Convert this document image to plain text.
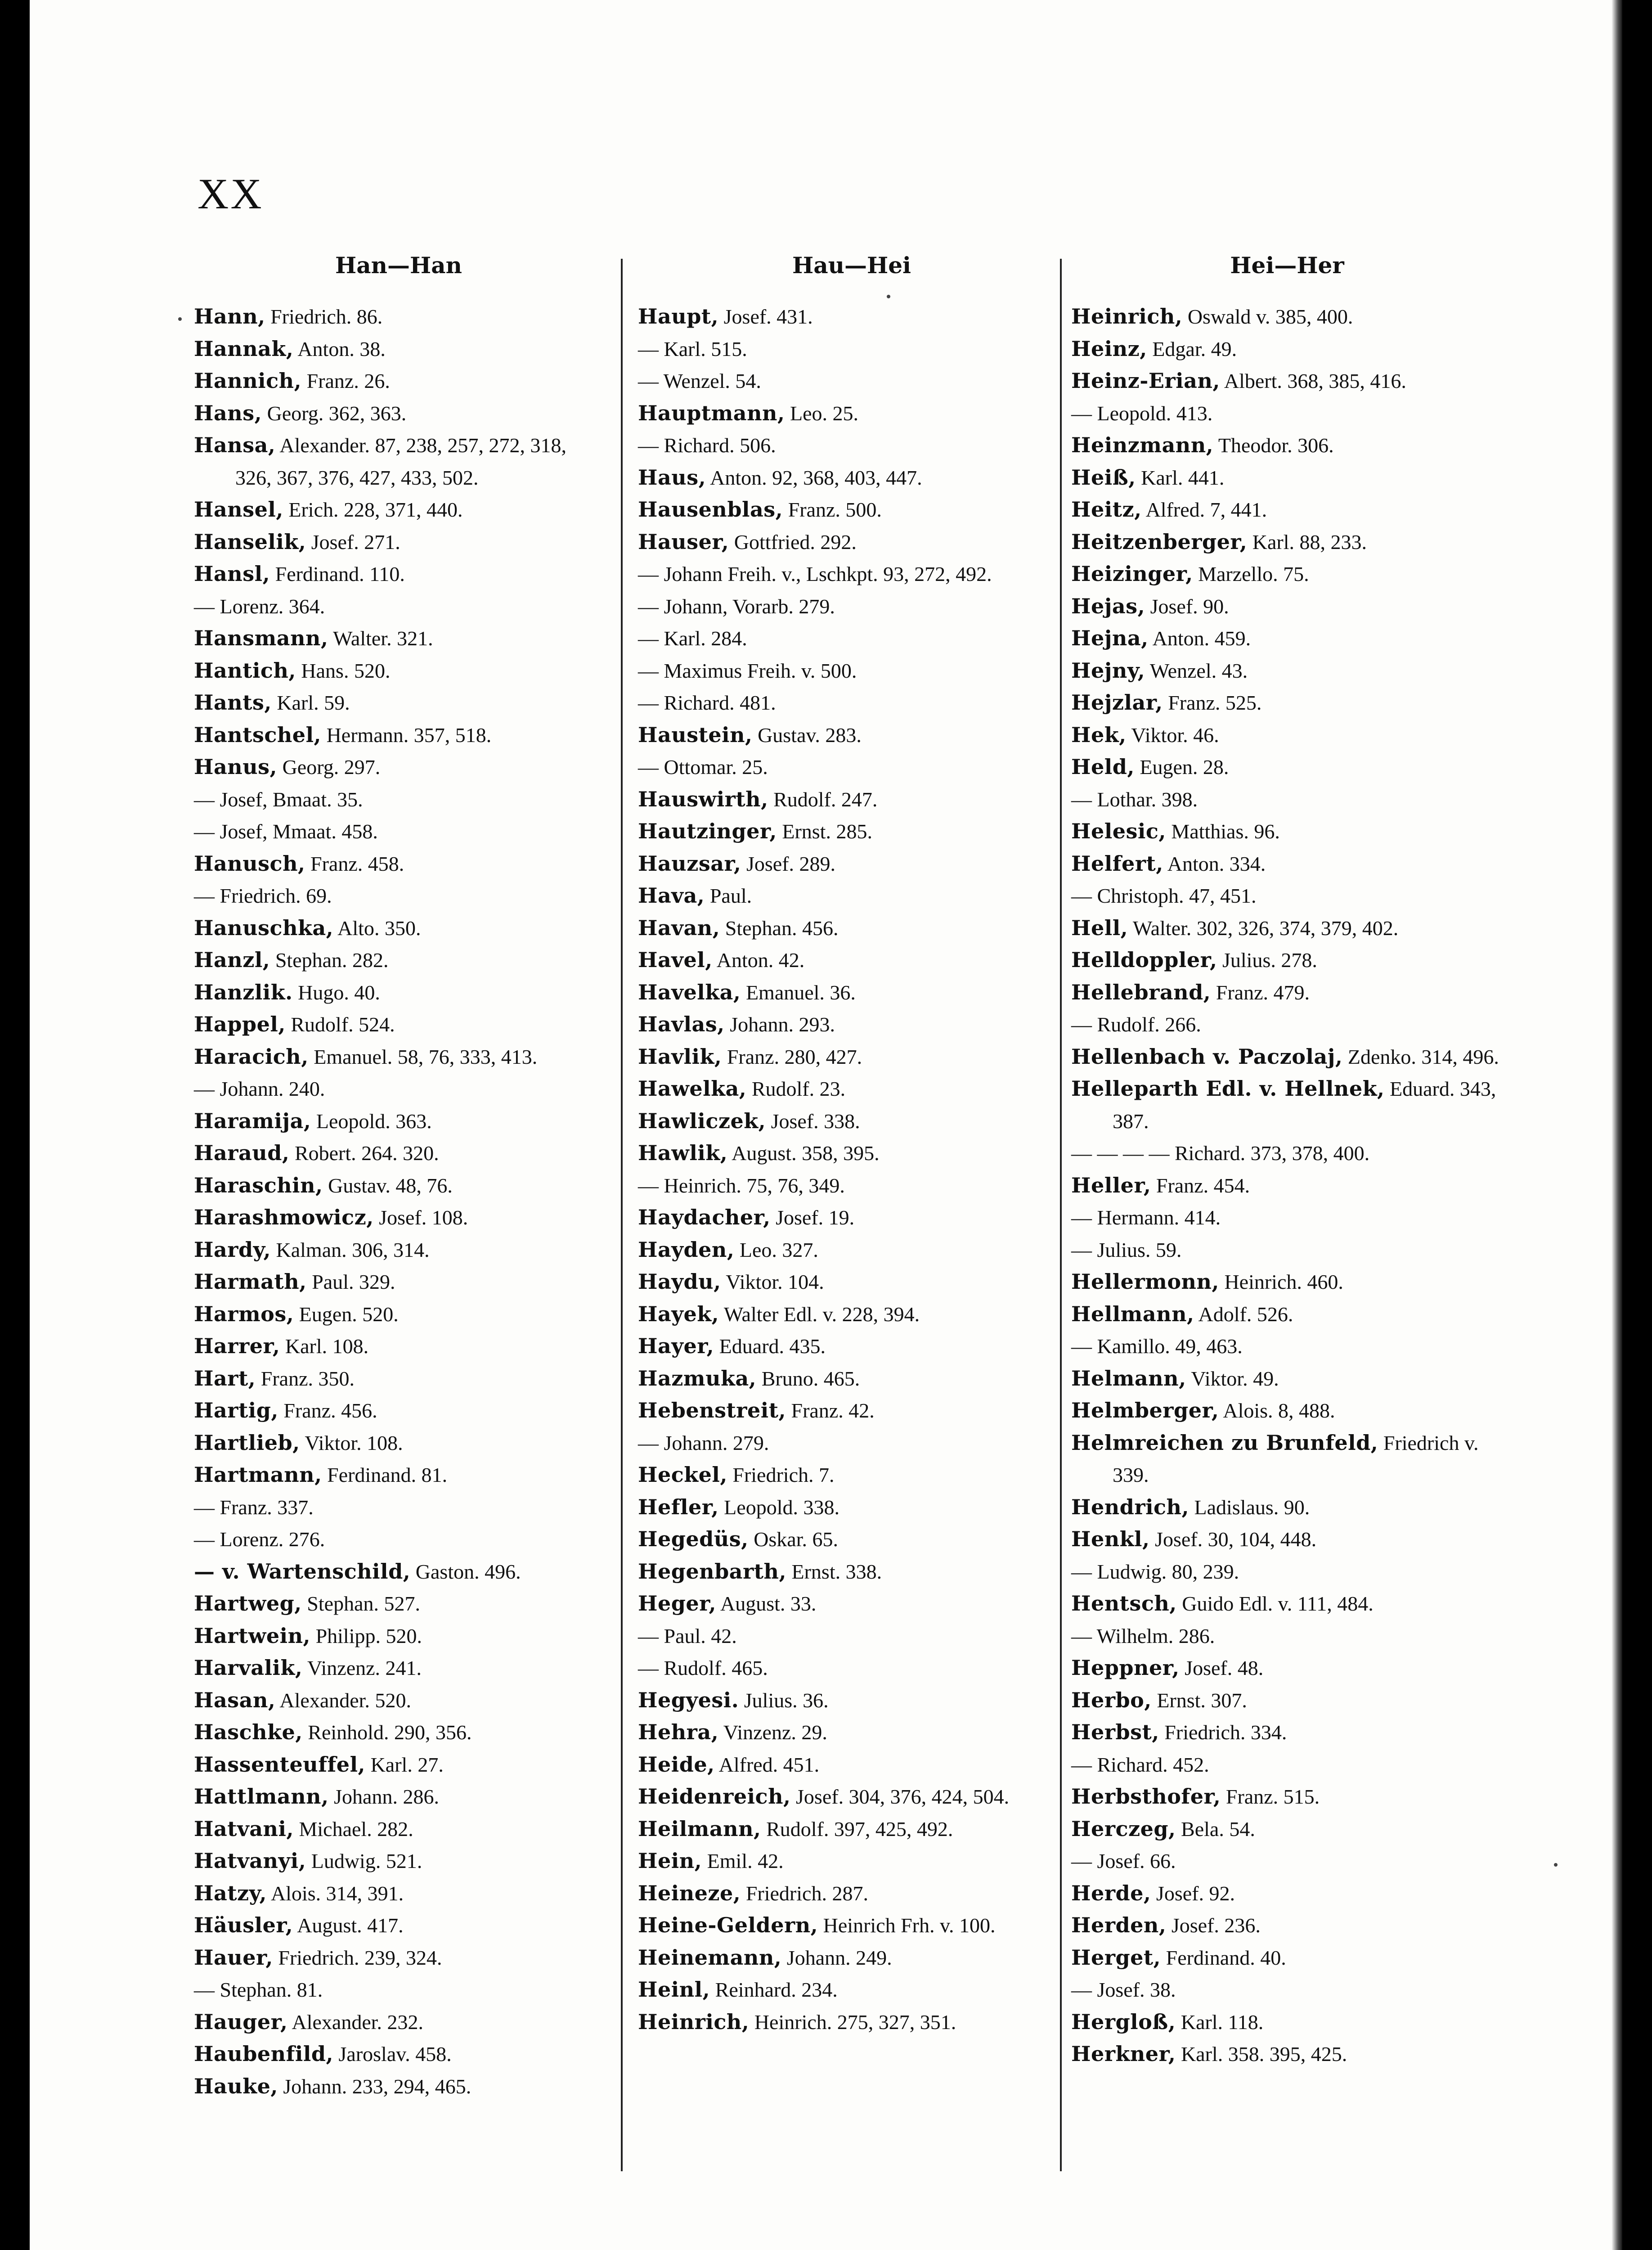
XX
Han—Han
Hann, Friedrich. 86.
Hannak, Anton. 38.
Hannich, Franz. 26.
Hans, Georg. 362, 363.
Hansa, Alexander. 87, 238, 257, 272, 318, 326, 367, 376, 427, 433, 502.
Hansel, Erich. 228, 371, 440.
Hanselik, Josef. 271.
Hansl, Ferdinand. 110.
— Lorenz. 364.
Hansmann, Walter. 321.
Hantich, Hans. 520.
Hants, Karl. 59.
Hantschel, Hermann. 357, 518.
Hanus, Georg. 297.
— Josef, Bmaat. 35.
— Josef, Mmaat. 458.
Hanusch, Franz. 458.
— Friedrich. 69.
Hanuschka, Alto. 350.
Hanzl, Stephan. 282.
Hanzlik. Hugo. 40.
Happel, Rudolf. 524.
Haracich, Emanuel. 58, 76, 333, 413.
— Johann. 240.
Haramija, Leopold. 363.
Haraud, Robert. 264. 320.
Haraschin, Gustav. 48, 76.
Harashmowicz, Josef. 108.
Hardy, Kalman. 306, 314.
Harmath, Paul. 329.
Harmos, Eugen. 520.
Harrer, Karl. 108.
Hart, Franz. 350.
Hartig, Franz. 456.
Hartlieb, Viktor. 108.
Hartmann, Ferdinand. 81.
— Franz. 337.
— Lorenz. 276.
— v. Wartenschild, Gaston. 496.
Hartweg, Stephan. 527.
Hartwein, Philipp. 520.
Harvalik, Vinzenz. 241.
Hasan, Alexander. 520.
Haschke, Reinhold. 290, 356.
Hassenteuffel, Karl. 27.
Hattlmann, Johann. 286.
Hatvani, Michael. 282.
Hatvanyi, Ludwig. 521.
Hatzy, Alois. 314, 391.
Häusler, August. 417.
Hauer, Friedrich. 239, 324.
— Stephan. 81.
Hauger, Alexander. 232.
Haubenfild, Jaroslav. 458.
Hauke, Johann. 233, 294, 465.
Hau—Hei
Haupt, Josef. 431.
— Karl. 515.
— Wenzel. 54.
Hauptmann, Leo. 25.
— Richard. 506.
Haus, Anton. 92, 368, 403, 447.
Hausenblas, Franz. 500.
Hauser, Gottfried. 292.
— Johann Freih. v., Lschkpt. 93, 272, 492.
— Johann, Vorarb. 279.
— Karl. 284.
— Maximus Freih. v. 500.
— Richard. 481.
Haustein, Gustav. 283.
— Ottomar. 25.
Hauswirth, Rudolf. 247.
Hautzinger, Ernst. 285.
Hauzsar, Josef. 289.
Hava, Paul.
Havan, Stephan. 456.
Havel, Anton. 42.
Havelka, Emanuel. 36.
Havlas, Johann. 293.
Havlik, Franz. 280, 427.
Hawelka, Rudolf. 23.
Hawliczek, Josef. 338.
Hawlik, August. 358, 395.
— Heinrich. 75, 76, 349.
Haydacher, Josef. 19.
Hayden, Leo. 327.
Haydu, Viktor. 104.
Hayek, Walter Edl. v. 228, 394.
Hayer, Eduard. 435.
Hazmuka, Bruno. 465.
Hebenstreit, Franz. 42.
— Johann. 279.
Heckel, Friedrich. 7.
Hefler, Leopold. 338.
Hegedüs, Oskar. 65.
Hegenbarth, Ernst. 338.
Heger, August. 33.
— Paul. 42.
— Rudolf. 465.
Hegyesi. Julius. 36.
Hehra, Vinzenz. 29.
Heide, Alfred. 451.
Heidenreich, Josef. 304, 376, 424, 504.
Heilmann, Rudolf. 397, 425, 492.
Hein, Emil. 42.
Heineze, Friedrich. 287.
Heine-Geldern, Heinrich Frh. v. 100.
Heinemann, Johann. 249.
Heinl, Reinhard. 234.
Heinrich, Heinrich. 275, 327, 351.
Hei—Her
Heinrich, Oswald v. 385, 400.
Heinz, Edgar. 49.
Heinz-Erian, Albert. 368, 385, 416.
— Leopold. 413.
Heinzmann, Theodor. 306.
Heiß, Karl. 441.
Heitz, Alfred. 7, 441.
Heitzenberger, Karl. 88, 233.
Heizinger, Marzello. 75.
Hejas, Josef. 90.
Hejna, Anton. 459.
Hejny, Wenzel. 43.
Hejzlar, Franz. 525.
Hek, Viktor. 46.
Held, Eugen. 28.
— Lothar. 398.
Helesic, Matthias. 96.
Helfert, Anton. 334.
— Christoph. 47, 451.
Hell, Walter. 302, 326, 374, 379, 402.
Helldoppler, Julius. 278.
Hellebrand, Franz. 479.
— Rudolf. 266.
Hellenbach v. Paczolaj, Zdenko. 314, 496.
Helleparth Edl. v. Hellnek, Eduard. 343, 387.
— — — — Richard. 373, 378, 400.
Heller, Franz. 454.
— Hermann. 414.
— Julius. 59.
Hellermonn, Heinrich. 460.
Hellmann, Adolf. 526.
— Kamillo. 49, 463.
Helmann, Viktor. 49.
Helmberger, Alois. 8, 488.
Helmreichen zu Brunfeld, Friedrich v. 339.
Hendrich, Ladislaus. 90.
Henkl, Josef. 30, 104, 448.
— Ludwig. 80, 239.
Hentsch, Guido Edl. v. 111, 484.
— Wilhelm. 286.
Heppner, Josef. 48.
Herbo, Ernst. 307.
Herbst, Friedrich. 334.
— Richard. 452.
Herbsthofer, Franz. 515.
Herczeg, Bela. 54.
— Josef. 66.
Herde, Josef. 92.
Herden, Josef. 236.
Herget, Ferdinand. 40.
— Josef. 38.
Hergloß, Karl. 118.
Herkner, Karl. 358. 395, 425.
